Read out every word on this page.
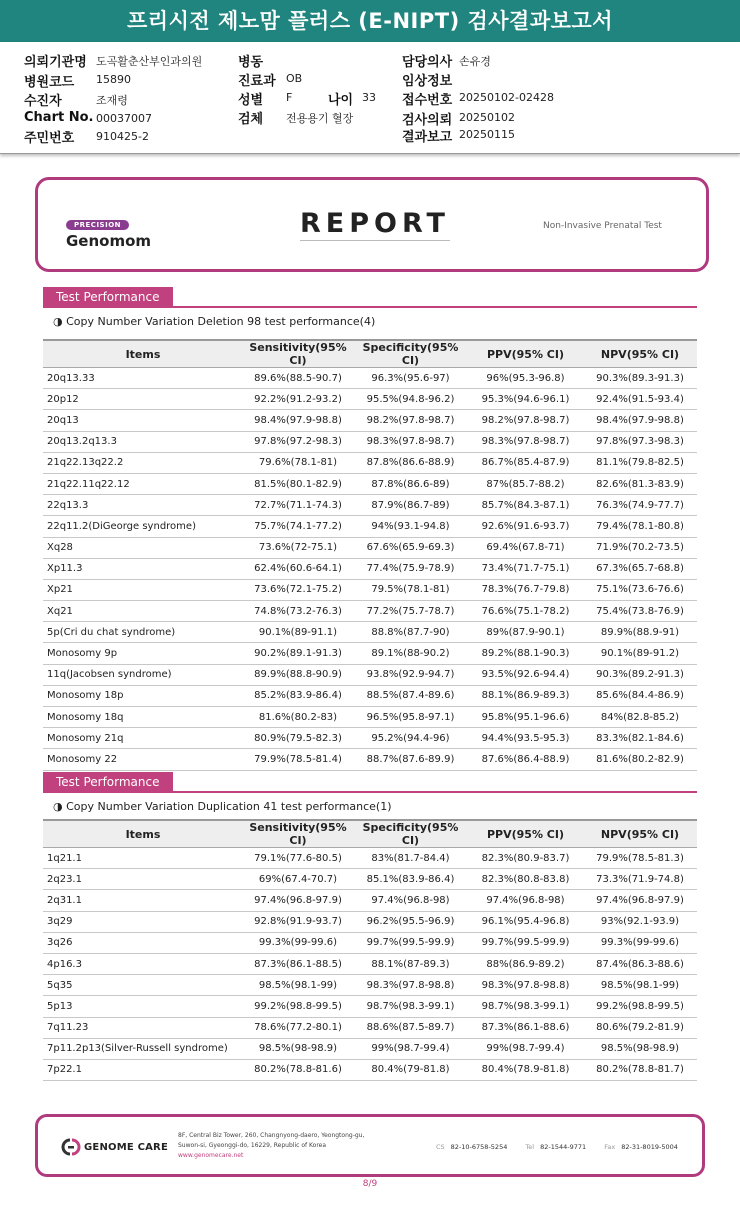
프리시전 제노맘 플러스 (E-NIPT) 검사결과보고서
의뢰기관명 도곡활춘산부인과의원
병원코드 15890
수진자	조재령
Chart No. 00037007
주민번호 910425-2
병동
진료과 OB
성별 F	나이 33
검체 전용용기 혈장
담당의사 손유경
임상정보
접수번호 20250102-02428
검사의뢰 20250102
결과보고 20250115
PRECISION
Genomom
REPORT	Non-Invasive Prenatal Test
Test Performance
◑ Copy Number Variation Deletion 98 test performance(4)
Items	Sensitivity(95% CI)	Specificity(95% CI)	PPV(95% CI)	NPV(95% CI)
20q13.33	89.6%(88.5-90.7)	96.3%(95.6-97)	96%(95.3-96.8)	90.3%(89.3-91.3)
20p12	92.2%(91.2-93.2)	95.5%(94.8-96.2)	95.3%(94.6-96.1)	92.4%(91.5-93.4)
20q13	98.4%(97.9-98.8)	98.2%(97.8-98.7)	98.2%(97.8-98.7)	98.4%(97.9-98.8)
20q13.2q13.3	97.8%(97.2-98.3)	98.3%(97.8-98.7)	98.3%(97.8-98.7)	97.8%(97.3-98.3)
21q22.13q22.2	79.6%(78.1-81)	87.8%(86.6-88.9)	86.7%(85.4-87.9)	81.1%(79.8-82.5)
21q22.11q22.12	81.5%(80.1-82.9)	87.8%(86.6-89)	87%(85.7-88.2)	82.6%(81.3-83.9)
22q13.3	72.7%(71.1-74.3)	87.9%(86.7-89)	85.7%(84.3-87.1)	76.3%(74.9-77.7)
22q11.2(DiGeorge syndrome)	75.7%(74.1-77.2)	94%(93.1-94.8)	92.6%(91.6-93.7)	79.4%(78.1-80.8)
Xq28	73.6%(72-75.1)	67.6%(65.9-69.3)	69.4%(67.8-71)	71.9%(70.2-73.5)
Xp11.3	62.4%(60.6-64.1)	77.4%(75.9-78.9)	73.4%(71.7-75.1)	67.3%(65.7-68.8)
Xp21	73.6%(72.1-75.2)	79.5%(78.1-81)	78.3%(76.7-79.8)	75.1%(73.6-76.6)
Xq21	74.8%(73.2-76.3)	77.2%(75.7-78.7)	76.6%(75.1-78.2)	75.4%(73.8-76.9)
5p(Cri du chat syndrome)	90.1%(89-91.1)	88.8%(87.7-90)	89%(87.9-90.1)	89.9%(88.9-91)
Monosomy 9p	90.2%(89.1-91.3)	89.1%(88-90.2)	89.2%(88.1-90.3)	90.1%(89-91.2)
11q(Jacobsen syndrome)	89.9%(88.8-90.9)	93.8%(92.9-94.7)	93.5%(92.6-94.4)	90.3%(89.2-91.3)
Monosomy 18p	85.2%(83.9-86.4)	88.5%(87.4-89.6)	88.1%(86.9-89.3)	85.6%(84.4-86.9)
Monosomy 18q	81.6%(80.2-83)	96.5%(95.8-97.1)	95.8%(95.1-96.6)	84%(82.8-85.2)
Monosomy 21q	80.9%(79.5-82.3)	95.2%(94.4-96)	94.4%(93.5-95.3)	83.3%(82.1-84.6)
Monosomy 22	79.9%(78.5-81.4)	88.7%(87.6-89.9)	87.6%(86.4-88.9)	81.6%(80.2-82.9)
Test Performance
◑ Copy Number Variation Duplication 41 test performance(1)
Items	Sensitivity(95% CI)	Specificity(95% CI)	PPV(95% CI)	NPV(95% CI)
1q21.1	79.1%(77.6-80.5)	83%(81.7-84.4)	82.3%(80.9-83.7)	79.9%(78.5-81.3)
2q23.1	69%(67.4-70.7)	85.1%(83.9-86.4)	82.3%(80.8-83.8)	73.3%(71.9-74.8)
2q31.1	97.4%(96.8-97.9)	97.4%(96.8-98)	97.4%(96.8-98)	97.4%(96.8-97.9)
3q29	92.8%(91.9-93.7)	96.2%(95.5-96.9)	96.1%(95.4-96.8)	93%(92.1-93.9)
3q26	99.3%(99-99.6)	99.7%(99.5-99.9)	99.7%(99.5-99.9)	99.3%(99-99.6)
4p16.3	87.3%(86.1-88.5)	88.1%(87-89.3)	88%(86.9-89.2)	87.4%(86.3-88.6)
5q35	98.5%(98.1-99)	98.3%(97.8-98.8)	98.3%(97.8-98.8)	98.5%(98.1-99)
5p13	99.2%(98.8-99.5)	98.7%(98.3-99.1)	98.7%(98.3-99.1)	99.2%(98.8-99.5)
7q11.23	78.6%(77.2-80.1)	88.6%(87.5-89.7)	87.3%(86.1-88.6)	80.6%(79.2-81.9)
7p11.2p13(Silver-Russell syndrome)	98.5%(98-98.9)	99%(98.7-99.4)	99%(98.7-99.4)	98.5%(98-98.9)
7p22.1	80.2%(78.8-81.6)	80.4%(79-81.8)	80.4%(78.9-81.8)	80.2%(78.8-81.7)
GENOME CARE
8F, Central Biz Tower, 260, Changnyong-daero, Yeongtong-gu,
Suwon-si, Gyeonggi-do, 16229, Republic of Korea
www.genomecare.net
CS 82-10-6758-5254	Tel 82-1544-9771	Fax 82-31-8019-5004
8/9
